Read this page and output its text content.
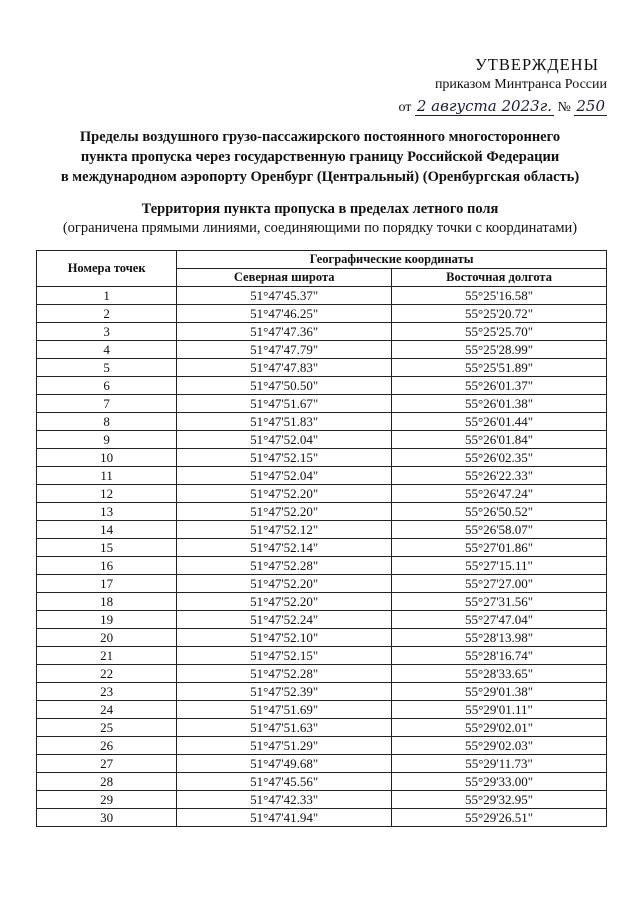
УТВЕРЖДЕНЫ
приказом Минтранса России
от 2 августа 2023г. № 250
Пределы воздушного грузо-пассажирского постоянного многостороннего
пункта пропуска через государственную границу Российской Федерации
в международном аэропорту Оренбург (Центральный) (Оренбургская область)
Территория пункта пропуска в пределах летного поля
(ограничена прямыми линиями, соединяющими по порядку точки с координатами)
Номера точек	Географические координаты	
	Северная широта	Восточная долгота
1	51°47'45.37"	55°25'16.58"
2	51°47'46.25"	55°25'20.72"
3	51°47'47.36"	55°25'25.70"
4	51°47'47.79"	55°25'28.99"
5	51°47'47.83"	55°25'51.89"
6	51°47'50.50"	55°26'01.37"
7	51°47'51.67"	55°26'01.38"
8	51°47'51.83"	55°26'01.44"
9	51°47'52.04"	55°26'01.84"
10	51°47'52.15"	55°26'02.35"
11	51°47'52.04"	55°26'22.33"
12	51°47'52.20"	55°26'47.24"
13	51°47'52.20"	55°26'50.52"
14	51°47'52.12"	55°26'58.07"
15	51°47'52.14"	55°27'01.86"
16	51°47'52.28"	55°27'15.11"
17	51°47'52.20"	55°27'27.00"
18	51°47'52.20"	55°27'31.56"
19	51°47'52.24"	55°27'47.04"
20	51°47'52.10"	55°28'13.98"
21	51°47'52.15"	55°28'16.74"
22	51°47'52.28"	55°28'33.65"
23	51°47'52.39"	55°29'01.38"
24	51°47'51.69"	55°29'01.11"
25	51°47'51.63"	55°29'02.01"
26	51°47'51.29"	55°29'02.03"
27	51°47'49.68"	55°29'11.73"
28	51°47'45.56"	55°29'33.00"
29	51°47'42.33"	55°29'32.95"
30	51°47'41.94"	55°29'26.51"
